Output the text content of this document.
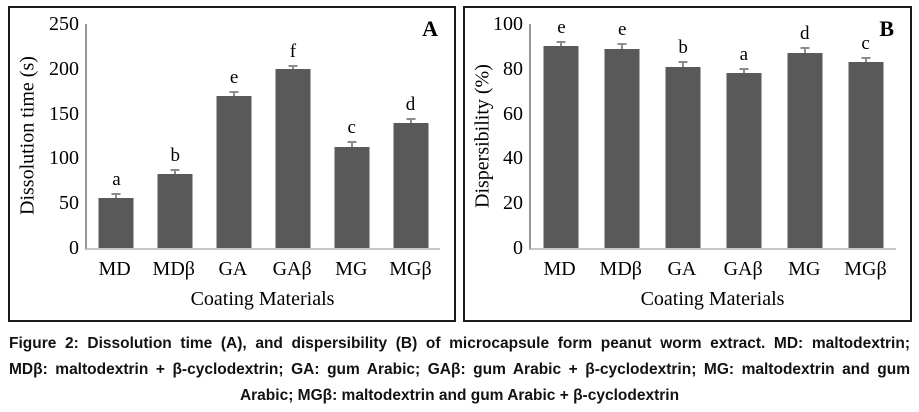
Dissolution time (s)
0
50
100
150
200
250
a
b
e
f
c
d
MD	MDβ	GA	GAβ	MG	MGβ
Coating Materials
A
Dispersibility (%)
0
20
40
60
80
100 e	e
b	a
d	c
MD	MDβ	GA	GAβ	MG	MGβ
Coating Materials
B
Figure 2: Dissolution time (A), and dispersibility (B) of microcapsule form peanut worm extract. MD: maltodextrin;
MDβ: maltodextrin + β-cyclodextrin; GA: gum Arabic; GAβ: gum Arabic + β-cyclodextrin; MG: maltodextrin and gum
Arabic; MGβ: maltodextrin and gum Arabic + β-cyclodextrin
